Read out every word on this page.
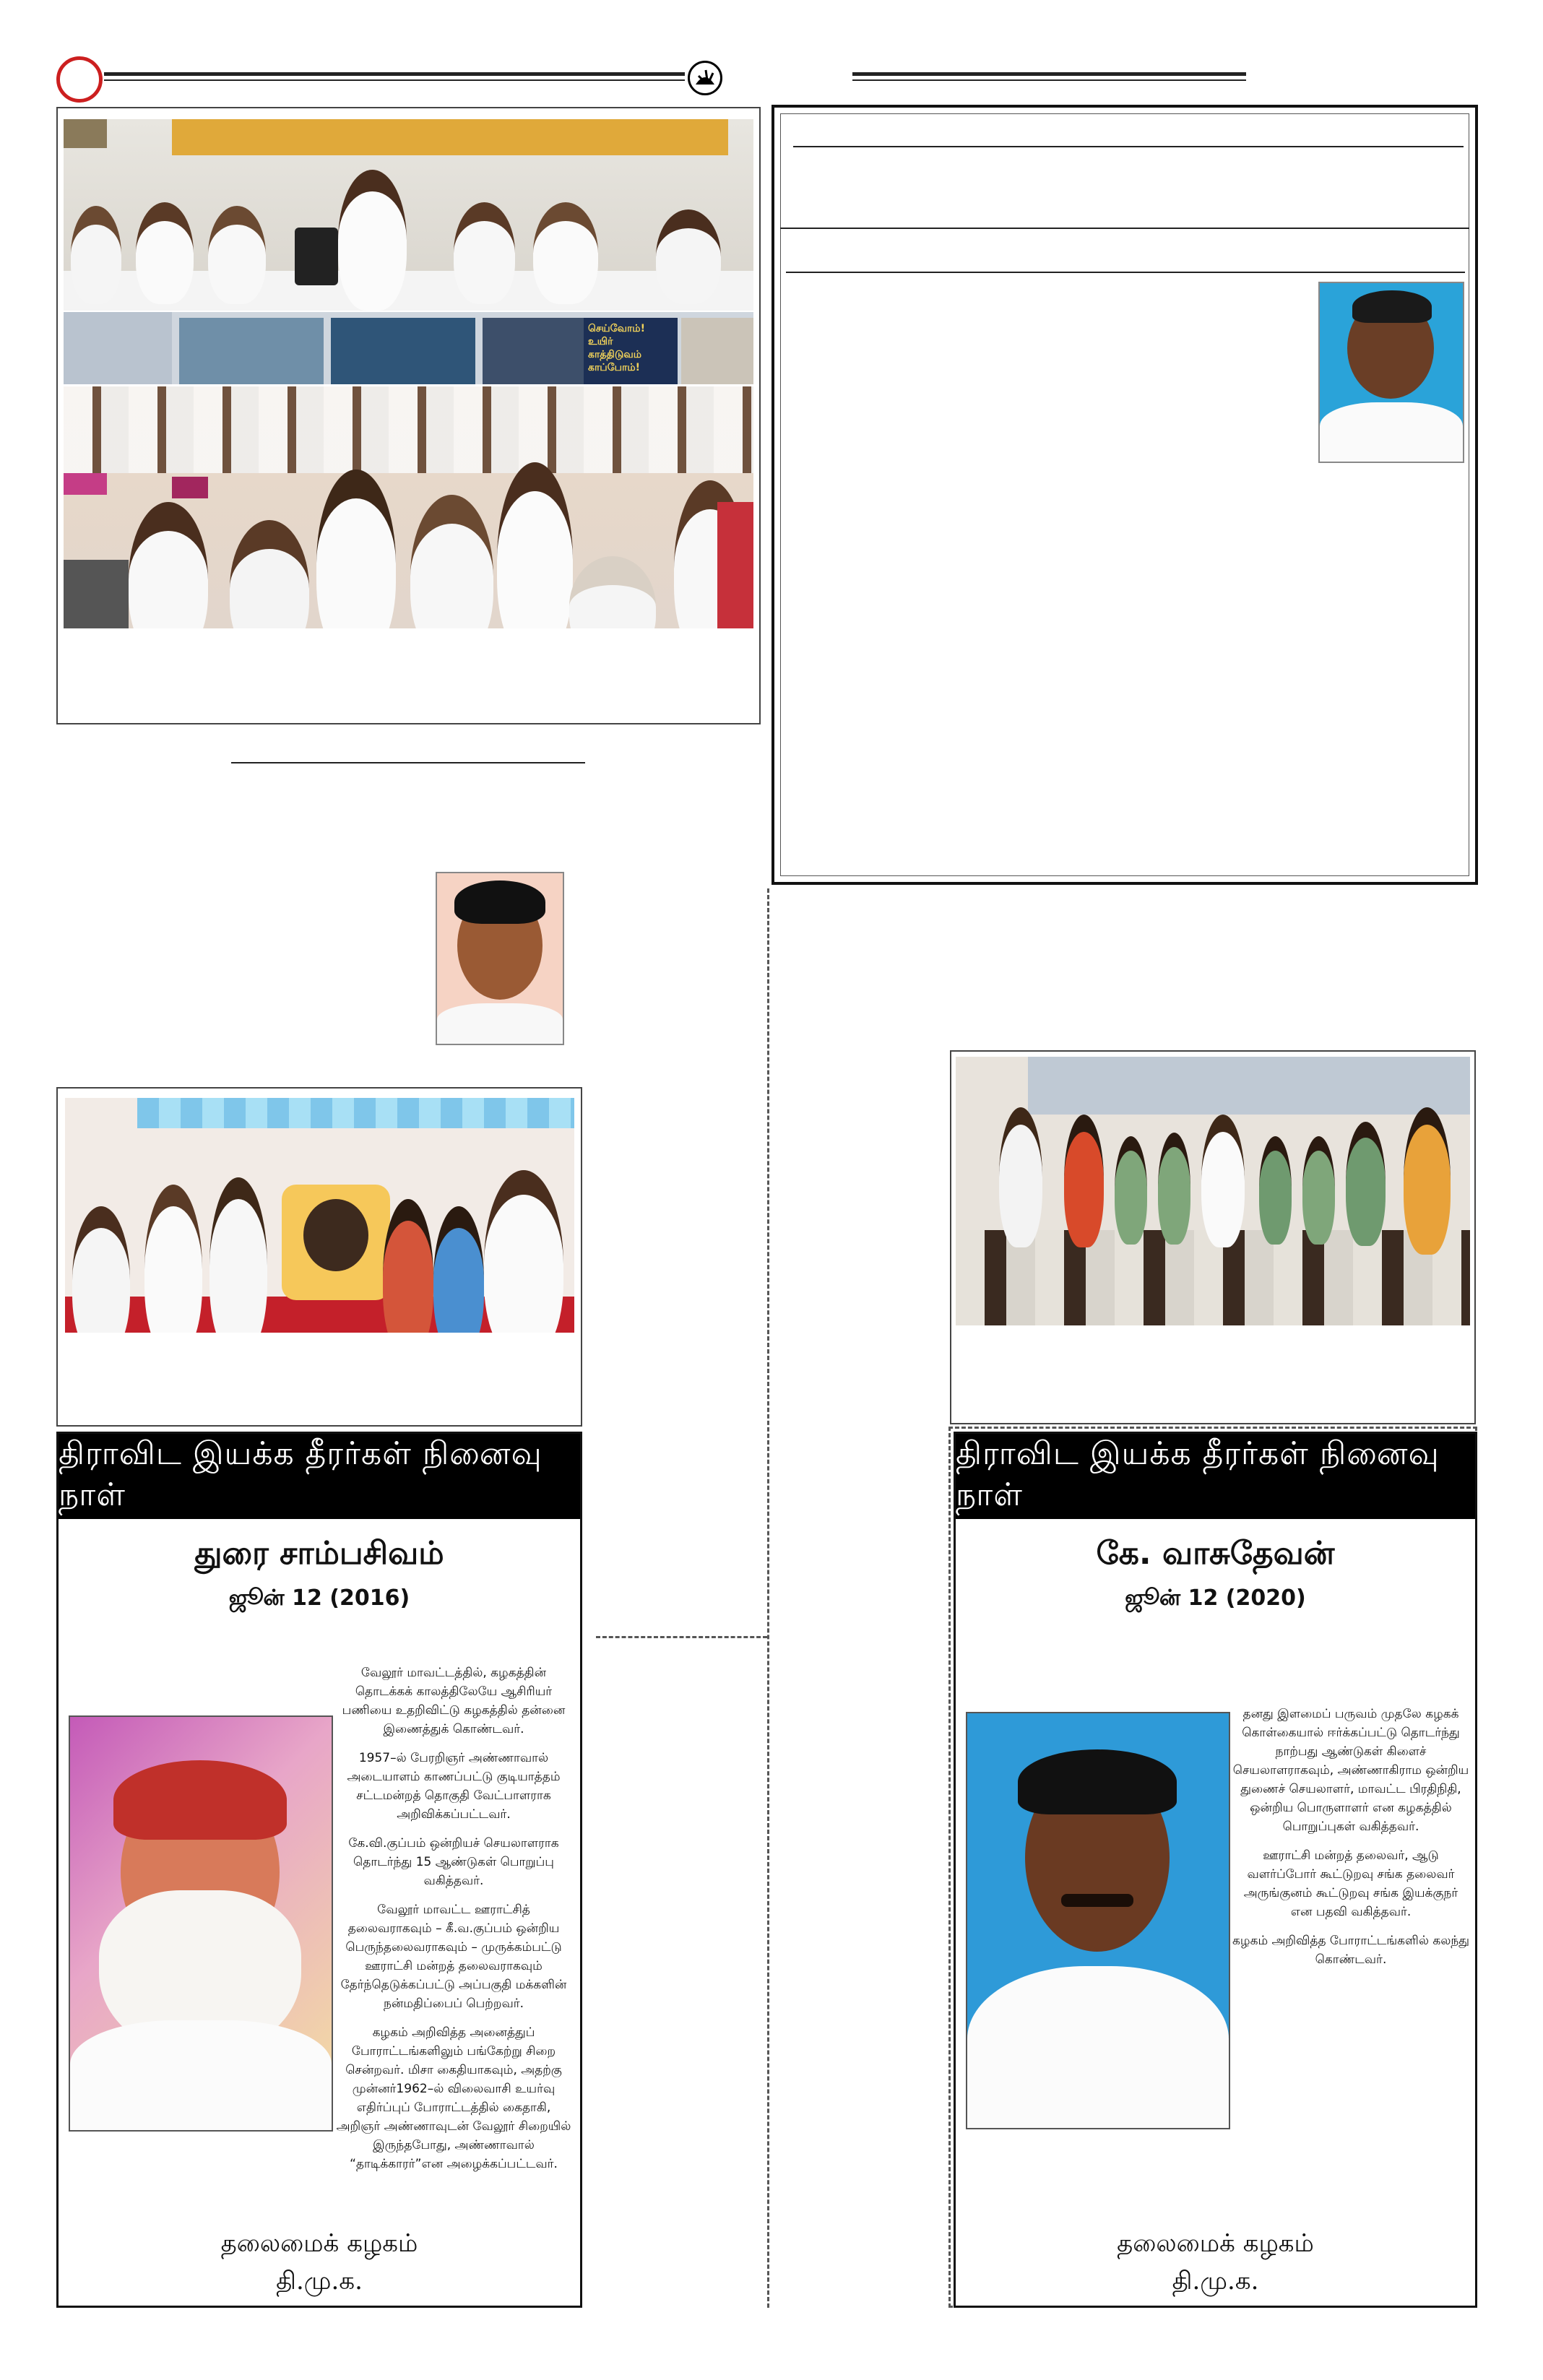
செய்வோம்!
உயிர்
காத்திடுவம்
காப்போம்!
திராவிட இயக்க தீரர்கள் நினைவு நாள்
துரை சாம்பசிவம்
ஜூன் 12 (2016)

வேலூர் மாவட்டத்தில், கழகத்தின் தொடக்கக் காலத்திலேயே ஆசிரியர் பணியை உதறிவிட்டு கழகத்தில் தன்னை இணைத்துக் கொண்டவர்.

1957–ல் பேரறிஞர் அண்ணாவால் அடையாளம் காணப்பட்டு குடியாத்தம் சட்டமன்றத் தொகுதி வேட்பாளராக அறிவிக்கப்பட்டவர்.

கே.வி.குப்பம் ஒன்றியச் செயலாளராக தொடர்ந்து 15 ஆண்டுகள் பொறுப்பு வகித்தவர்.

வேலூர் மாவட்ட ஊராட்சித் தலைவராகவும் – கீ.வ.குப்பம் ஒன்றிய பெருந்தலைவராகவும் – முருக்கம்பட்டு ஊராட்சி மன்றத் தலைவராகவும் தேர்ந்தெடுக்கப்பட்டு அப்பகுதி மக்களின் நன்மதிப்பைப் பெற்றவர்.

கழகம் அறிவித்த அனைத்துப் போராட்டங்களிலும் பங்கேற்று சிறை சென்றவர். மிசா கைதியாகவும், அதற்கு முன்னர்1962–ல் விலைவாசி உயர்வு எதிர்ப்புப் போராட்டத்தில் கைதாகி, அறிஞர் அண்ணாவுடன் வேலூர் சிறையில் இருந்தபோது, அண்ணாவால் “தாடிக்காரர்”என அழைக்கப்பட்டவர்.

தலைமைக் கழகம்
தி.மு.க.
திராவிட இயக்க தீரர்கள் நினைவு நாள்
கே. வாசுதேவன்
ஜூன் 12 (2020)

தனது இளமைப் பருவம் முதலே கழகக் கொள்கையால் ஈர்க்கப்பட்டு தொடர்ந்து நாற்பது ஆண்டுகள் கிளைச் செயலாளராகவும், அண்ணாகிராம ஒன்றிய துணைச் செயலாளர், மாவட்ட பிரதிநிதி, ஒன்றிய பொருளாளர் என கழகத்தில் பொறுப்புகள் வகித்தவர்.

ஊராட்சி மன்றத் தலைவர், ஆடு வளர்ப்போர் கூட்டுறவு சங்க தலைவர் அருங்குனம் கூட்டுறவு சங்க இயக்குநர் என பதவி வகித்தவர்.

கழகம் அறிவித்த போராட்டங்களில் கலந்து கொண்டவர்.

தலைமைக் கழகம்
தி.மு.க.
